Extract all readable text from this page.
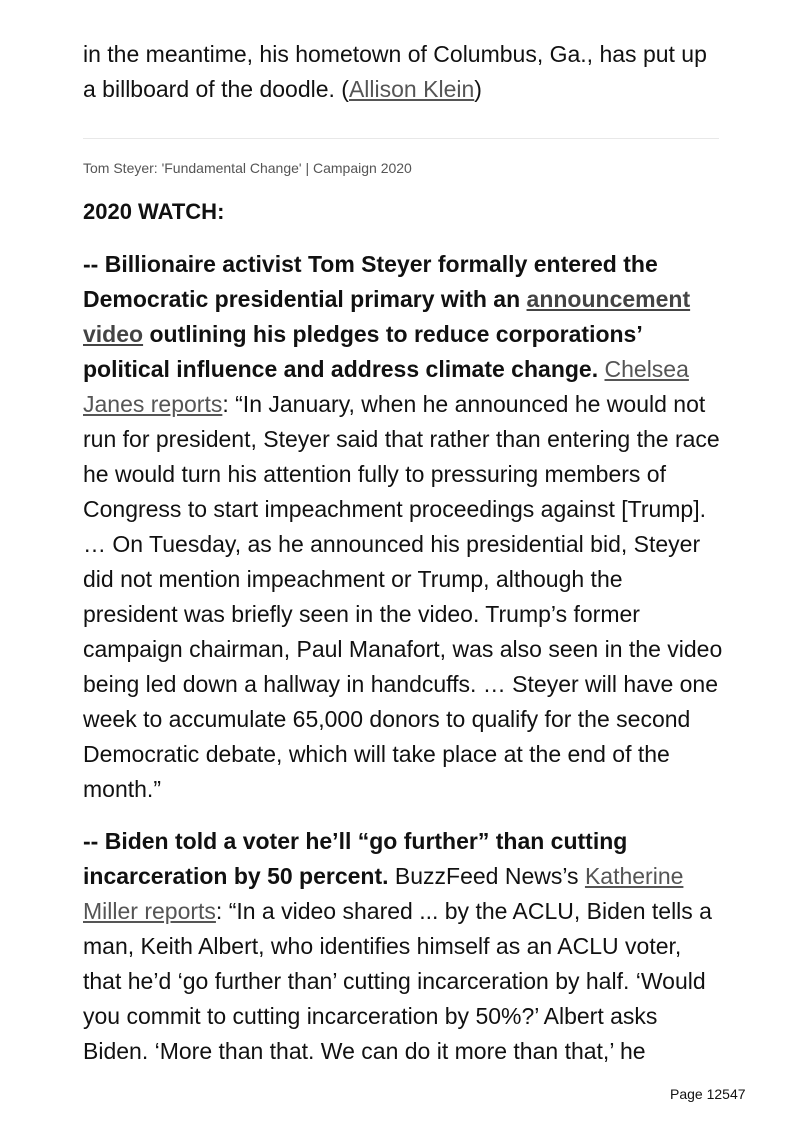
in the meantime, his hometown of Columbus, Ga., has put up a billboard of the doodle. (Allison Klein)

Tom Steyer: 'Fundamental Change' | Campaign 2020
2020 WATCH:

-- Billionaire activist Tom Steyer formally entered the Democratic presidential primary with an announcement video outlining his pledges to reduce corporations’ political influence and address climate change. Chelsea Janes reports: “In January, when he announced he would not run for president, Steyer said that rather than entering the race he would turn his attention fully to pressuring members of Congress to start impeachment proceedings against [Trump]. … On Tuesday, as he announced his presidential bid, Steyer did not mention impeachment or Trump, although the president was briefly seen in the video. Trump’s former campaign chairman, Paul Manafort, was also seen in the video being led down a hallway in handcuffs. … Steyer will have one week to accumulate 65,000 donors to qualify for the second Democratic debate, which will take place at the end of the month.”

-- Biden told a voter he’ll “go further” than cutting incarceration by 50 percent. BuzzFeed News’s Katherine Miller reports: “In a video shared ... by the ACLU, Biden tells a man, Keith Albert, who identifies himself as an ACLU voter, that he’d ‘go further than’ cutting incarceration by half. ‘Would you commit to cutting incarceration by 50%?’ Albert asks Biden. ‘More than that. We can do it more than that,’ he

Page 12547
